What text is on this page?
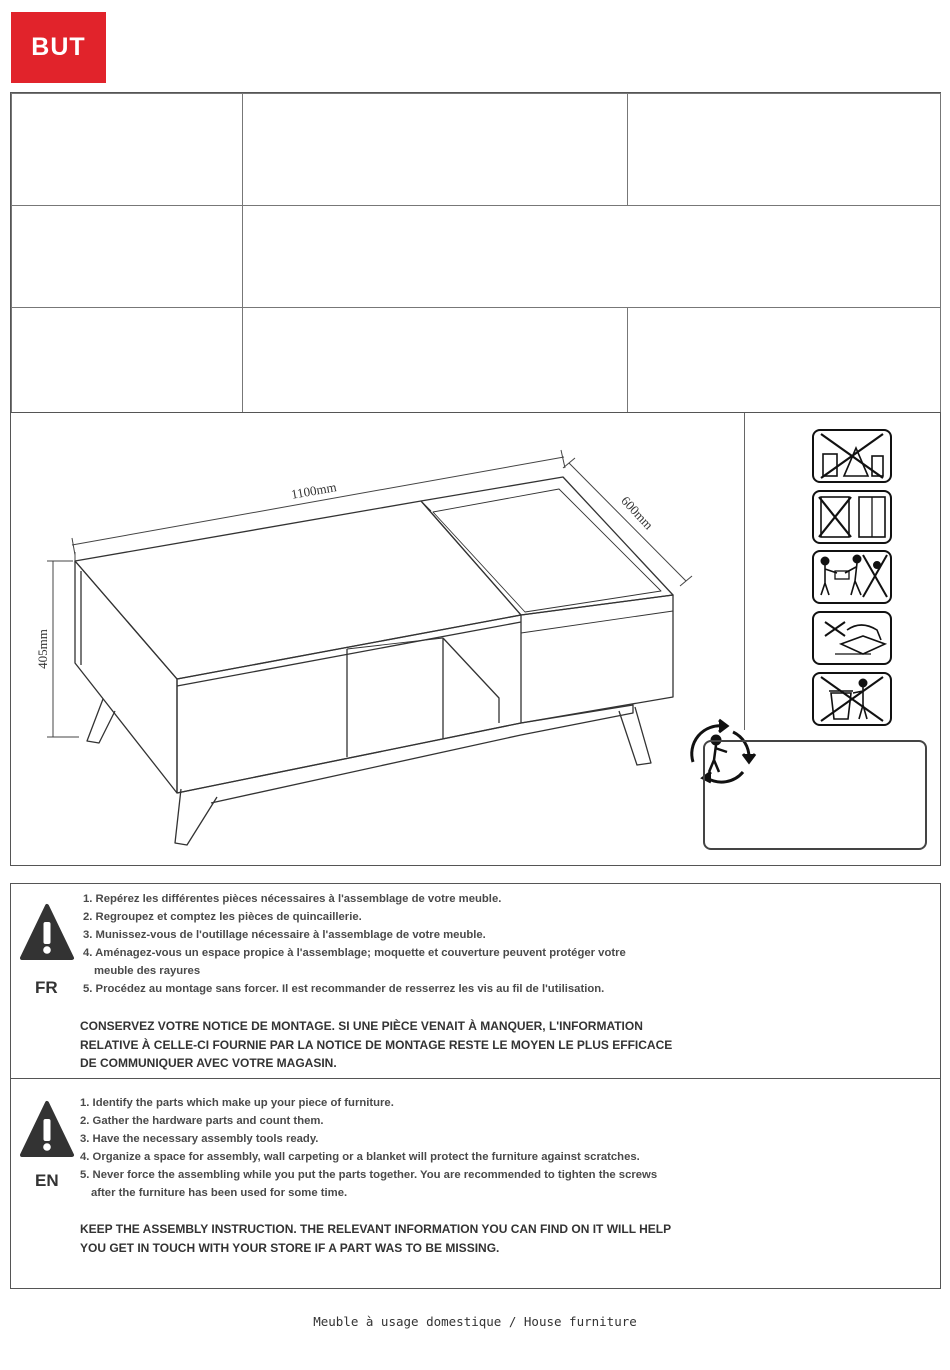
BUT
1100mm
600mm
405mm
FR
1. Repérez les différentes pièces nécessaires à l'assemblage de votre meuble.
2. Regroupez et comptez les pièces de quincaillerie.
3. Munissez-vous de l'outillage nécessaire à l'assemblage de votre meuble.
4. Aménagez-vous un espace propice à l'assemblage; moquette et couverture peuvent protéger votre
meuble des rayures
5. Procédez au montage sans forcer. Il est recommander de resserrez les vis au fil de l'utilisation.
CONSERVEZ VOTRE NOTICE DE MONTAGE. SI UNE PIÈCE VENAIT À MANQUER, L'INFORMATION
RELATIVE À CELLE-CI FOURNIE PAR LA NOTICE DE MONTAGE RESTE LE MOYEN LE PLUS EFFICACE
DE COMMUNIQUER AVEC VOTRE MAGASIN.
EN
1. Identify the parts which make up your piece of furniture.
2. Gather the hardware parts and count them.
3. Have the necessary assembly tools ready.
4. Organize a space for assembly, wall carpeting or a blanket will protect the furniture against scratches.
5. Never force the assembling while you put the parts together. You are recommended to tighten the screws
after the furniture has been used for some time.
KEEP THE ASSEMBLY INSTRUCTION. THE RELEVANT INFORMATION YOU CAN FIND ON IT WILL HELP
YOU GET IN TOUCH WITH YOUR STORE IF A PART WAS TO BE MISSING.
Meuble à usage domestique / House furniture
